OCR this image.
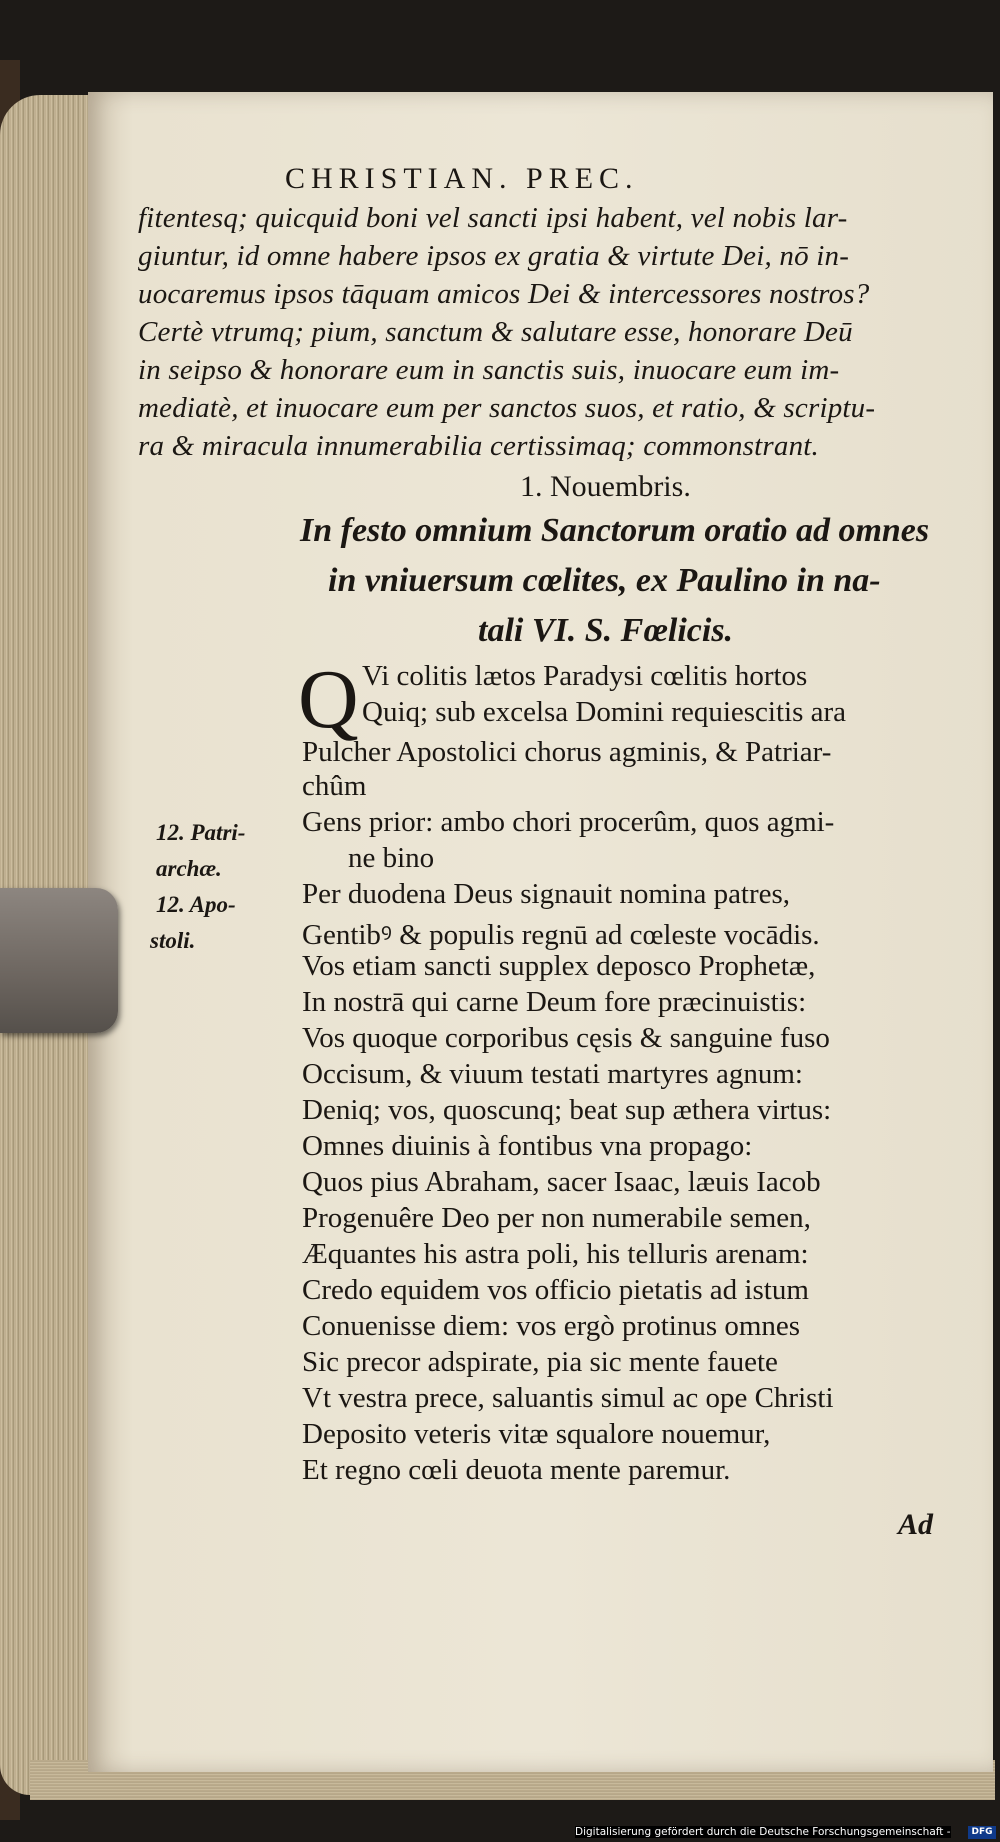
CHRISTIAN. PREC.

fitentesq; quicquid boni vel sancti ipsi habent, vel nobis lar-

giuntur, id omne habere ipsos ex gratia & virtute Dei, nō in-

uocaremus ipsos tāquam amicos Dei & intercessores nostros?

Certè vtrumq; pium, sanctum & salutare esse, honorare Deū

in seipso & honorare eum in sanctis suis, inuocare eum im-

mediatè, et inuocare eum per sanctos suos, et ratio, & scriptu-

ra & miracula innumerabilia certissimaq; commonstrant.

1. Nouembris.

In festo omnium Sanctorum oratio ad omnes

in vniuersum cœlites, ex Paulino in na-

tali VI. S. Fœlicis.

Q Vi colitis lætos Paradysi cœlitis hortos

Quiq; sub excelsa Domini requiescitis ara

Pulcher Apostolici chorus agminis, & Patriar-

chûm

Gens prior: ambo chori procerûm, quos agmi-

ne bino

Per duodena Deus signauit nomina patres,

Gentibꝰ & populis regnū ad cœleste vocādis.

Vos etiam sancti supplex deposco Prophetæ,

In nostrā qui carne Deum fore præcinuistis:

Vos quoque corporibus cęsis & sanguine fuso

Occisum, & viuum testati martyres agnum:

Deniq; vos, quoscunq; beat sup æthera virtus:

Omnes diuinis à fontibus vna propago:

Quos pius Abraham, sacer Isaac, læuis Iacob

Progenuêre Deo per non numerabile semen,

Æquantes his astra poli, his telluris arenam:

Credo equidem vos officio pietatis ad istum

Conuenisse diem: vos ergò protinus omnes

Sic precor adspirate, pia sic mente fauete

Vt vestra prece, saluantis simul ac ope Christi

Deposito veteris vitæ squalore nouemur,

Et regno cœli deuota mente paremur.

12. Patri-
archæ.
12. Apo-
stoli.
Ad
Digitalisierung gefördert durch die Deutsche Forschungsgemeinschaft -	DFG
